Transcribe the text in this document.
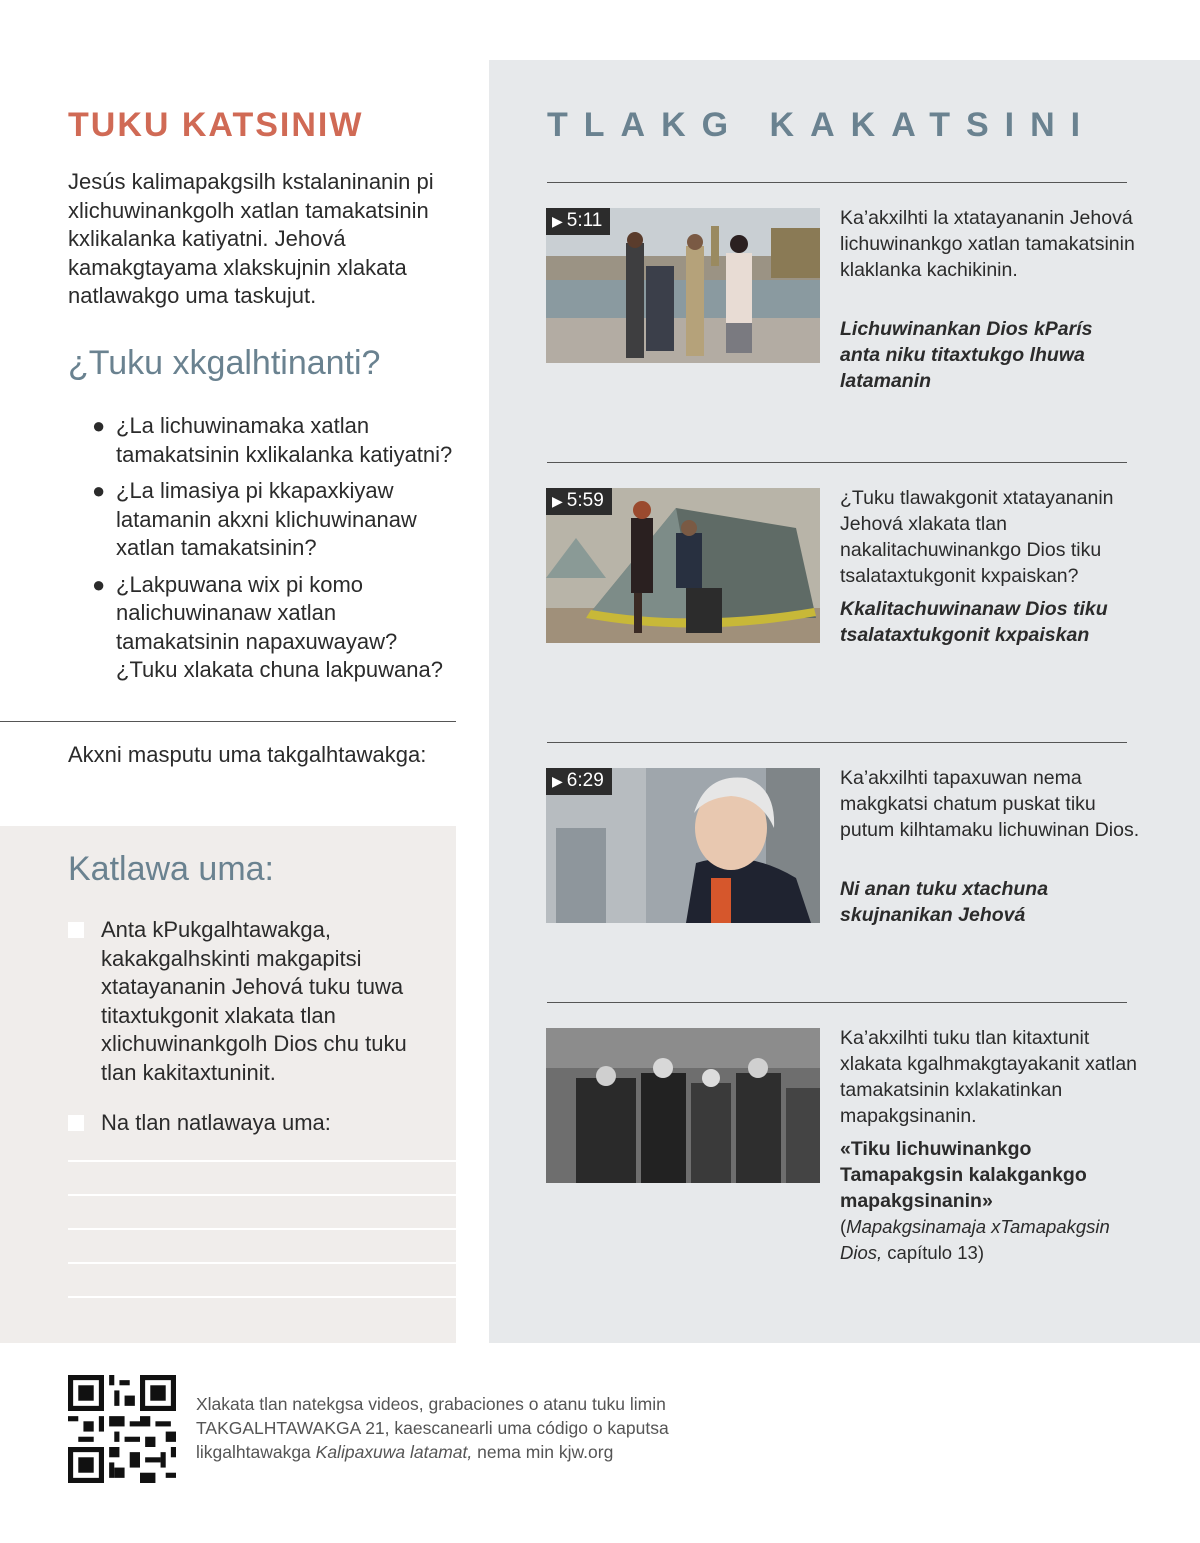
TUKU KATSINIW

Jesús kalimapakgsilh kstalaninanin pi xlichuwinankgolh xatlan tamakatsinin kxlikalanka katiyatni. Jehová kamakgtayama xlakskujnin xlakata natlawakgo uma taskujut.

¿Tuku xkgalhtinanti?
● ¿La lichuwinamaka xatlan tamakatsinin kxlikalanka katiyatni?
● ¿La limasiya pi kkapaxkiyaw latamanin akxni klichuwinanaw xatlan tamakatsinin?
● ¿Lakpuwana wix pi komo nalichuwinanaw xatlan tamakatsinin napaxuwayaw? ¿Tuku xlakata chuna lakpuwana?

Akxni masputu uma takgalhtawakga:

Katlawa uma:
Anta kPukgalhtawakga, kakakgalhskinti makgapitsi xtatayananin Jehová tuku tuwa titaxtukgonit xlakata tlan xlichuwinankgolh Dios chu tuku tlan kakitaxtuninit.
Na tlan natlawaya uma:
TLAKG KAKATSINI
▶ 5:11	Ka’akxilhti la xtatayananin Jehová lichuwinankgo xatlan tamakatsinin klaklanka kachikinin.

Lichuwinankan Dios kParís anta niku titaxtukgo lhuwa latamanin

▶ 5:59	¿Tuku tlawakgonit xtatayananin Jehová xlakata tlan nakalitachuwinankgo Dios tiku tsalataxtukgonit kxpaiskan?

Kkalitachuwinanaw Dios tiku tsalataxtukgonit kxpaiskan

▶ 6:29	Ka’akxilhti tapaxuwan nema makgkatsi chatum puskat tiku putum kilhtamaku lichuwinan Dios.

Ni anan tuku xtachuna skujnanikan Jehová

Ka’akxilhti tuku tlan kitaxtunit xlakata kgalhmakgtayakanit xatlan tamakatsinin kxlakatinkan mapakgsinanin.

«Tiku lichuwinankgo Tamapakgsin kalakgankgo mapakgsinanin»

(Mapakgsinamaja xTamapakgsin Dios, capítulo 13)

Xlakata tlan natekgsa videos, grabaciones o atanu tuku limin TAKGALHTAWAKGA 21, kaescanearli uma código o kaputsa likgalhtawakga Kalipaxuwa latamat, nema min kjw.org
